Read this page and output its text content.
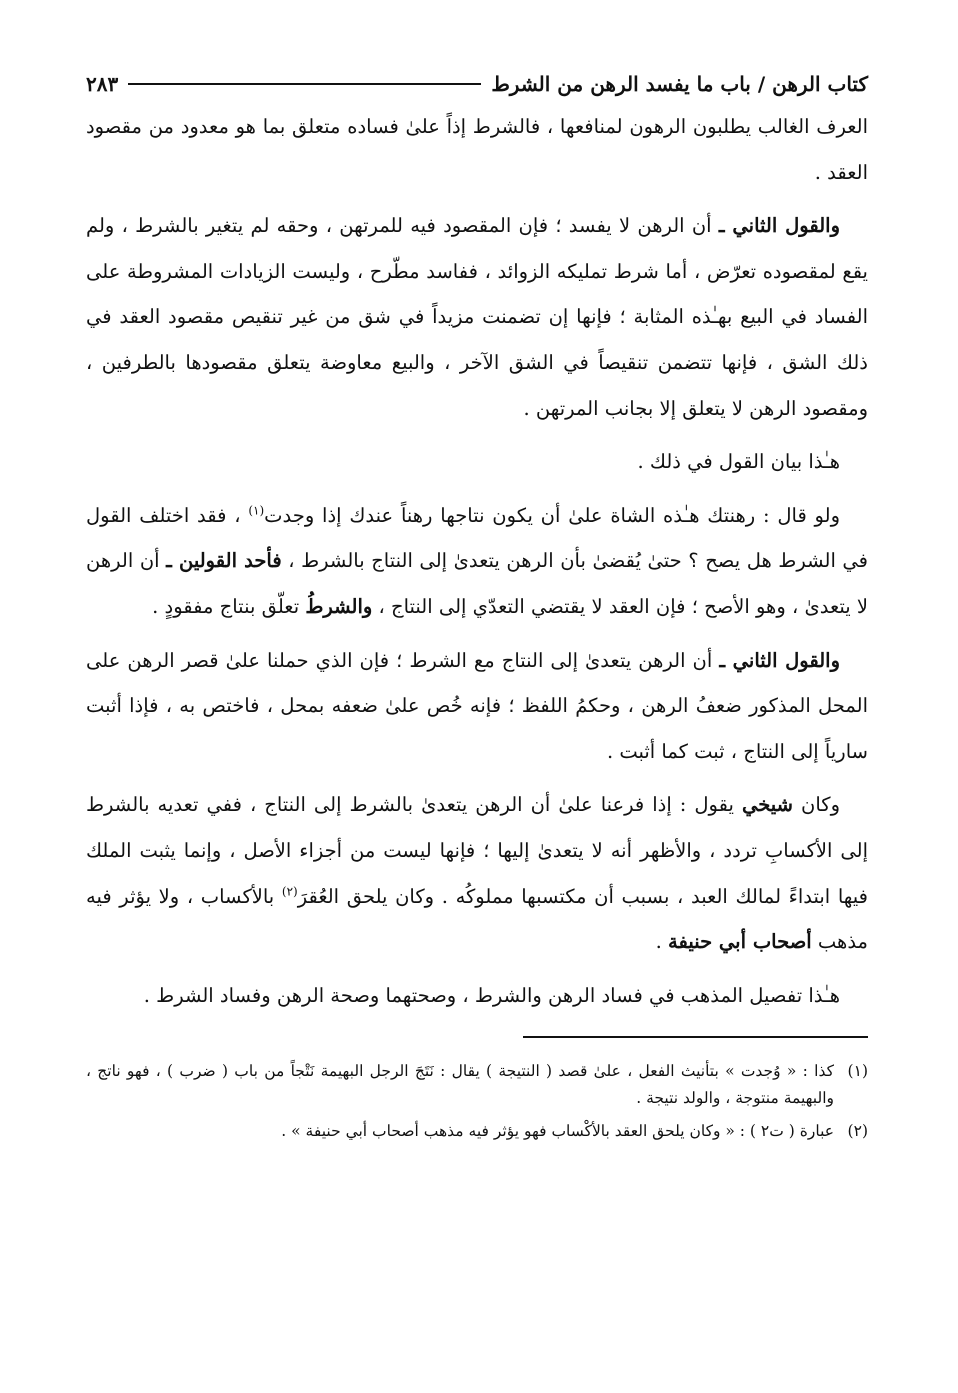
كتاب الرهن / باب ما يفسد الرهن من الشرط
٢٨٣

العرف الغالب يطلبون الرهون لمنافعها ، فالشرط إذاً علىٰ فساده متعلق بما هو معدود من مقصود العقد .

والقول الثاني ـ أن الرهن لا يفسد ؛ فإن المقصود فيه للمرتهن ، وحقه لم يتغير بالشرط ، ولم يقع لمقصوده تعرّض ، أما شرط تمليكه الزوائد ، ففاسد مطّرح ، وليست الزيادات المشروطة على الفساد في البيع بهـٰذه المثابة ؛ فإنها إن تضمنت مزيداً في شق من غير تنقيص مقصود العقد في ذلك الشق ، فإنها تتضمن تنقيصاً في الشق الآخر ، والبيع معاوضة يتعلق مقصودها بالطرفين ، ومقصود الرهن لا يتعلق إلا بجانب المرتهن .

هـٰذا بيان القول في ذلك .

ولو قال : رهنتك هـٰذه الشاة علىٰ أن يكون نتاجها رهناً عندك إذا وجدت$^{(١)}$ ، فقد اختلف القول في الشرط هل يصح ؟ حتىٰ يُقضىٰ بأن الرهن يتعدىٰ إلى النتاج بالشرط ، فأحد القولين ـ أن الرهن لا يتعدىٰ ، وهو الأصح ؛ فإن العقد لا يقتضي التعدّي إلى النتاج ، والشرطُ تعلّق بنتاج مفقودٍ .

والقول الثاني ـ أن الرهن يتعدىٰ إلى النتاج مع الشرط ؛ فإن الذي حملنا علىٰ قصر الرهن على المحل المذكور ضعفُ الرهن ، وحكمُ اللفظ ؛ فإنه خُص علىٰ ضعفه بمحل ، فاختص به ، فإذا أثبت سارياً إلى النتاج ، ثبت كما أثبت .

وكان شيخي يقول : إذا فرعنا علىٰ أن الرهن يتعدىٰ بالشرط إلى النتاج ، ففي تعديه بالشرط إلى الأكسابِ تردد ، والأظهر أنه لا يتعدىٰ إليها ؛ فإنها ليست من أجزاء الأصل ، وإنما يثبت الملك فيها ابتداءً لمالك العبد ، بسبب أن مكتسبها مملوكُه . وكان يلحق العُقرَ$^{(٢)}$ بالأكساب ، ولا يؤثر فيه مذهب أصحاب أبي حنيفة .

هـٰذا تفصيل المذهب في فساد الرهن والشرط ، وصحتهما وصحة الرهن وفساد الشرط .

(١)
كذا : « وُجدت » بتأنيث الفعل ، علىٰ قصد ( النتيجة ) يقال : نَتَجَ الرجل البهيمة نَتْجاً من باب ( ضرب ) ، فهو ناتج ، والبهيمة منتوجة ، والولد نتيجة .
(٢)
عبارة ( ت٢ ) : « وكان يلحق العقد بالأكْساب فهو يؤثر فيه مذهب أصحاب أبي حنيفة » .
